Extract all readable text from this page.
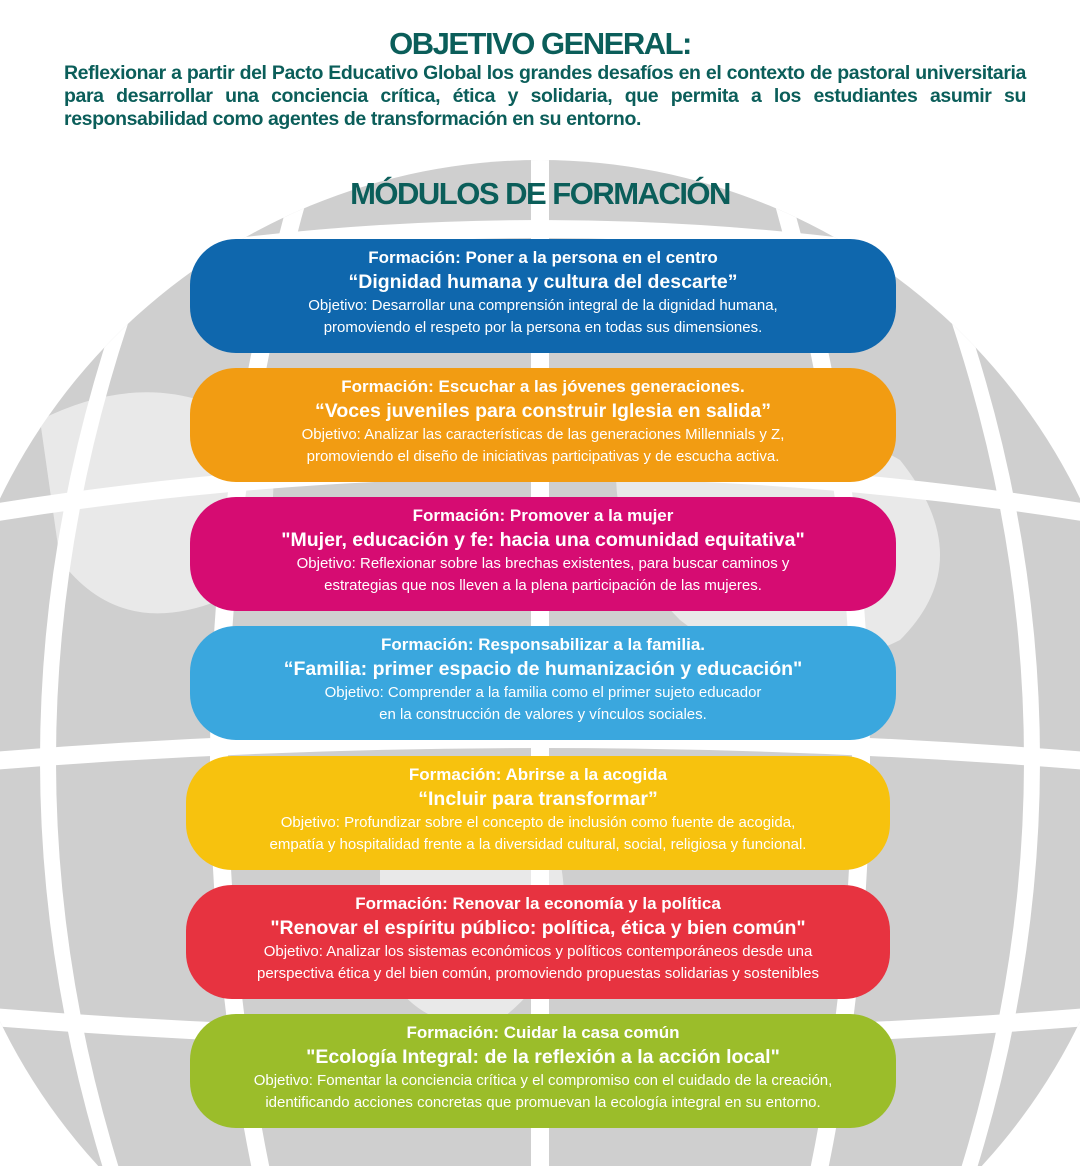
OBJETIVO GENERAL:

Reflexionar a partir del Pacto Educativo Global los grandes desafíos en el contexto de pastoral universitaria para desarrollar una conciencia crítica, ética y solidaria, que permita a los estudiantes asumir su responsabilidad como agentes de transformación en su entorno.

MÓDULOS DE FORMACIÓN
Formación: Poner a la persona en el centro
“Dignidad humana y cultura del descarte”
Objetivo: Desarrollar una comprensión integral de la dignidad humana,
promoviendo el respeto por la persona en todas sus dimensiones.
Formación: Escuchar a las jóvenes generaciones.
“Voces juveniles para construir Iglesia en salida”
Objetivo: Analizar las características de las generaciones Millennials y Z,
promoviendo el diseño de iniciativas participativas y de escucha activa.
Formación: Promover a la mujer
"Mujer, educación y fe: hacia una comunidad equitativa"
Objetivo: Reflexionar sobre las brechas existentes, para buscar caminos y
estrategias que nos lleven a la plena participación de las mujeres.
Formación: Responsabilizar a la familia.
“Familia: primer espacio de humanización y educación"
Objetivo: Comprender a la familia como el primer sujeto educador
en la construcción de valores y vínculos sociales.
Formación: Abrirse a la acogida
“Incluir para transformar”
Objetivo: Profundizar sobre el concepto de inclusión como fuente de acogida,
empatía y hospitalidad frente a la diversidad cultural, social, religiosa y funcional.
Formación: Renovar la economía y la política
"Renovar el espíritu público: política, ética y bien común"
Objetivo: Analizar los sistemas económicos y políticos contemporáneos desde una
perspectiva ética y del bien común, promoviendo propuestas solidarias y sostenibles
Formación: Cuidar la casa común
"Ecología Integral: de la reflexión a la acción local"
Objetivo: Fomentar la conciencia crítica y el compromiso con el cuidado de la creación,
identificando acciones concretas que promuevan la ecología integral en su entorno.
